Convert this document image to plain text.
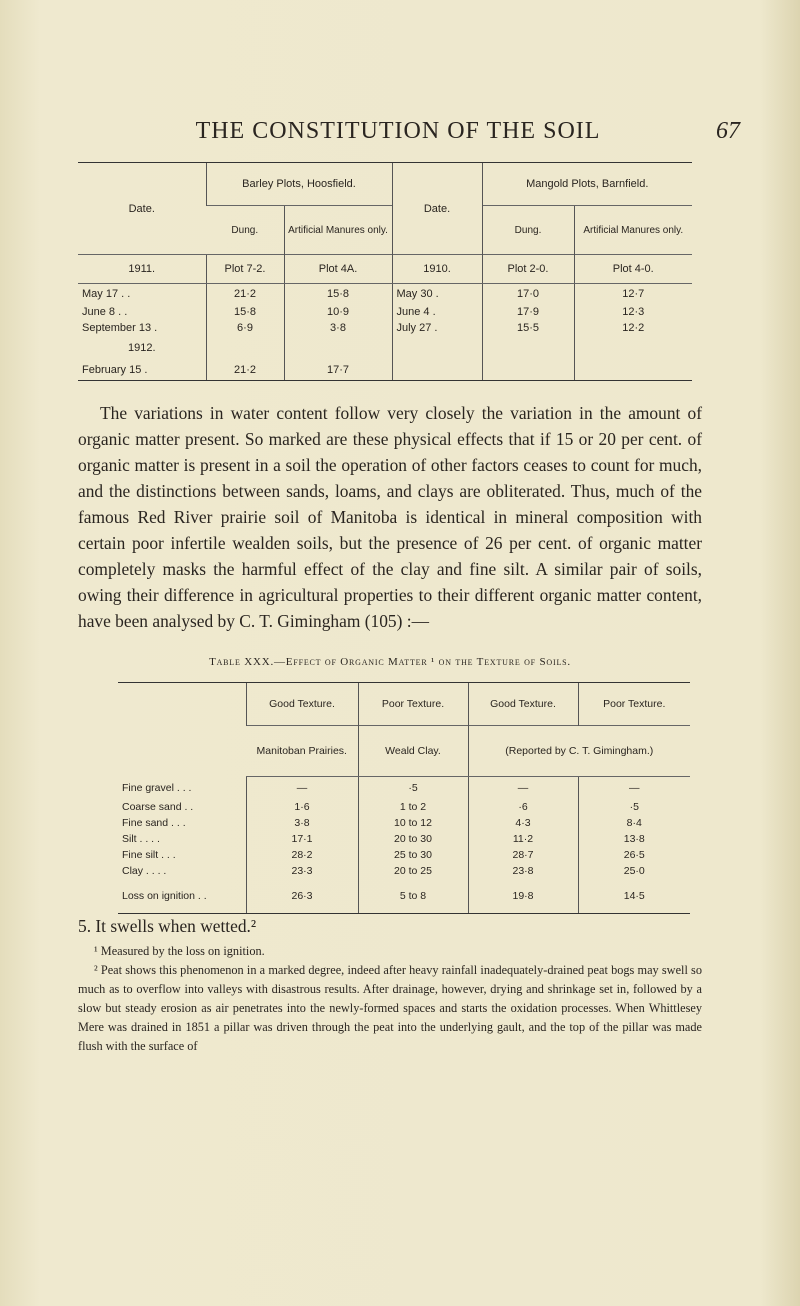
THE CONSTITUTION OF THE SOIL	67
Date.	Barley Plots, Hoosfield.		Date.	Mangold Plots, Barnfield.	
	Dung.	Artificial Manures only.		Dung.	Artificial Manures only.
1911.	Plot 7-2.	Plot 4A.	1910.	Plot 2-0.	Plot 4-0.
May 17 . .	21·2	15·8	May 30 .	17·0	12·7
June 8 . .	15·8	10·9	June 4 .	17·9	12·3
September 13 .	6·9	3·8	July 27 .	15·5	12·2
1912.					
February 15 .	21·2	17·7			

The variations in water content follow very closely the variation in the amount of organic matter present. So marked are these physical effects that if 15 or 20 per cent. of organic matter is present in a soil the operation of other factors ceases to count for much, and the distinctions between sands, loams, and clays are obliterated. Thus, much of the famous Red River prairie soil of Manitoba is identical in mineral composition with certain poor infertile wealden soils, but the presence of 26 per cent. of organic matter completely masks the harmful effect of the clay and fine silt. A similar pair of soils, owing their difference in agricultural properties to their different organic matter content, have been analysed by C. T. Gimingham (105) :—

Table XXX.—Effect of Organic Matter ¹ on the Texture of Soils.
	Good Texture.	Poor Texture.	Good Texture.	Poor Texture.
	Manitoban Prairies.	Weald Clay.	(Reported by C. T. Gimingham.)	
Fine gravel . . .	—	·5	—	—
Coarse sand . .	1·6	1 to 2	·6	·5
Fine sand . . .	3·8	10 to 12	4·3	8·4
Silt . . . .	17·1	20 to 30	11·2	13·8
Fine silt . . .	28·2	25 to 30	28·7	26·5
Clay . . . .	23·3	20 to 25	23·8	25·0
Loss on ignition . .	26·3	5 to 8	19·8	14·5
5. It swells when wetted.²

¹ Measured by the loss on ignition.

² Peat shows this phenomenon in a marked degree, indeed after heavy rainfall inadequately-drained peat bogs may swell so much as to overflow into valleys with disastrous results. After drainage, however, drying and shrinkage set in, followed by a slow but steady erosion as air penetrates into the newly-formed spaces and starts the oxidation processes. When Whittlesey Mere was drained in 1851 a pillar was driven through the peat into the underlying gault, and the top of the pillar was made flush with the surface of
